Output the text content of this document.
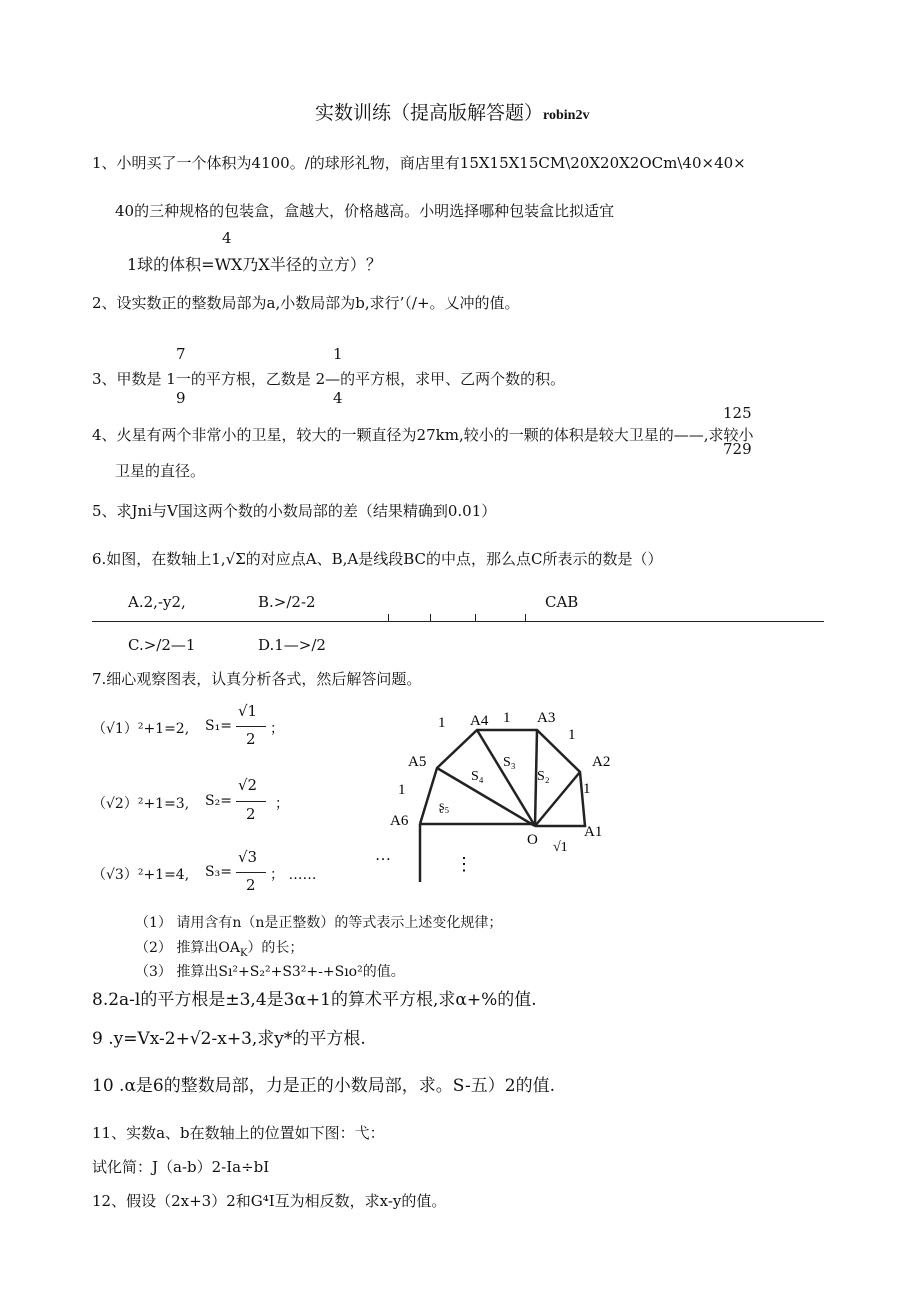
实数训练（提高版解答题）robin2v
1、小明买了一个体积为4100。/的球形礼物，商店里有15X15X15CM\20X20X2OCm\40×40×
40的三种规格的包装盒，盒越大，价格越高。小明选择哪种包装盒比拟适宜
4
1球的体积=WX乃X半径的立方）？
2、设实数正的整数局部为a,小数局部为b,求行’（/+。乂冲的值。
7	1
3、甲数是 1一的平方根，乙数是 2—的平方根，求甲、乙两个数的积。
9	4
125
4、火星有两个非常小的卫星，较大的一颗直径为27km,较小的一颗的体积是较大卫星的——,求较小
729
卫星的直径。
5、求Jni与V国这两个数的小数局部的差（结果精确到0.01）
6.如图，在数轴上1,√Σ的对应点A、B,A是线段BC的中点，那么点C所表示的数是（）
A.2,-y2,	B.>/2-2	CAB
C.>/2—1	D.1—>/2
7.细心观察图表，认真分析各式，然后解答问题。
（√1）²+1=2, S₁=
√1
2
；
（√2）²+1=3, S₂=
√2
2
；
（√3）²+1=4, S₃=
√3
2
； ……
A3
1
1 A4
1
A5	S₃	A2
S₄	S₂
1	1
ʂ₅
A6
A1
O √1
…	⋮
（1） 请用含有n（n是正整数）的等式表示上述变化规律；
（2） 推算出$OA_K$）的长；
（3） 推算出Sı²+S₂²+S3²+-+Sıo²的值。
8.2a-l的平方根是±3,4是3α+1的算术平方根,求α+%的值.
9 .y=Vx-2+√2-x+3,求y*的平方根.
10 .α是6的整数局部，力是正的小数局部，求。S-五）2的值.
11、实数a、b在数轴上的位置如下图：弋：
试化简：J（a-b）2-Ia÷bI
12、假设（2x+3）2和G⁴I互为相反数，求x-y的值。
